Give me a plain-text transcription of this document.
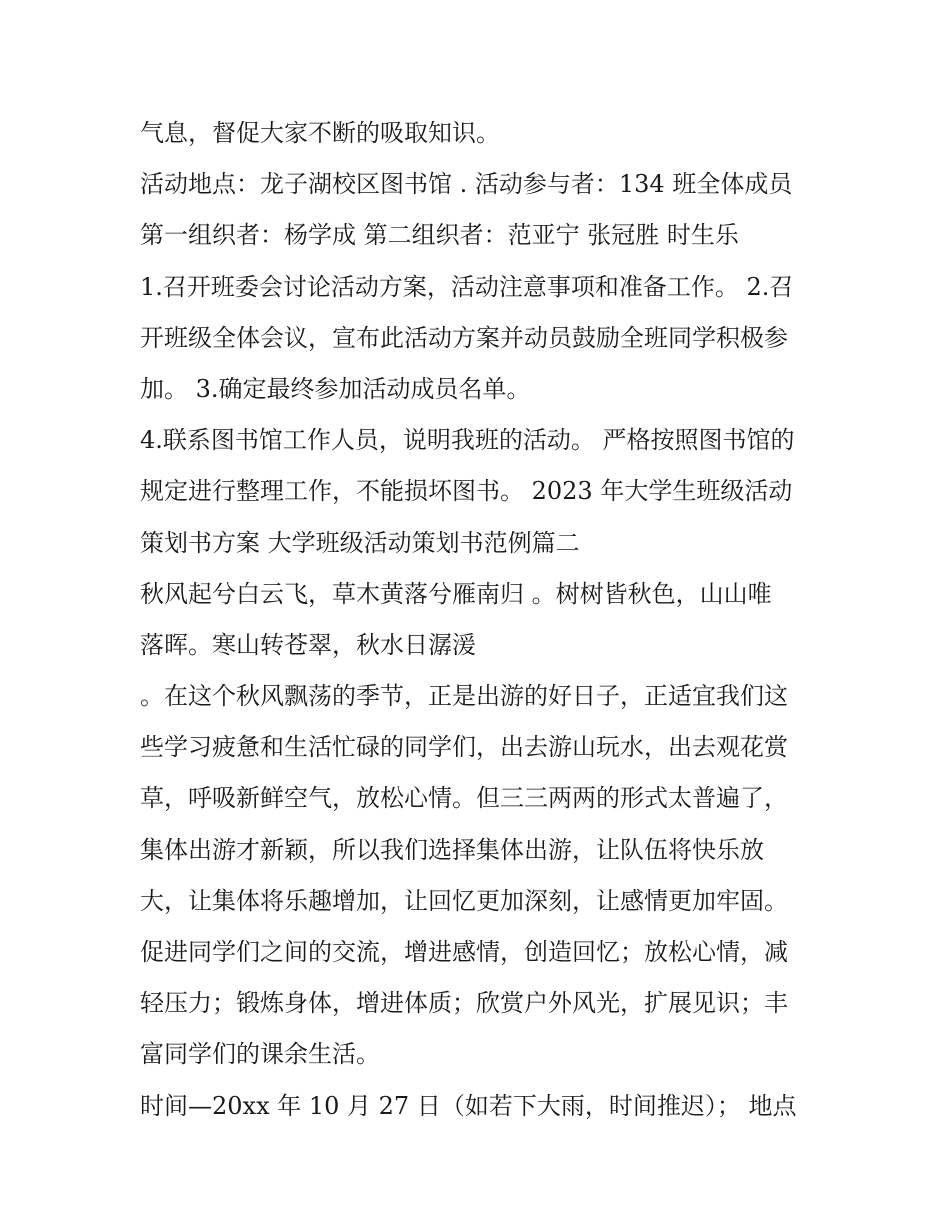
气息，督促大家不断的吸取知识。
活动地点：龙子湖校区图书馆 . 活动参与者：134 班全体成员
第一组织者：杨学成 第二组织者：范亚宁 张冠胜 时生乐
1.召开班委会讨论活动方案，活动注意事项和准备工作。 2.召
开班级全体会议，宣布此活动方案并动员鼓励全班同学积极参
加。 3.确定最终参加活动成员名单。
4.联系图书馆工作人员，说明我班的活动。 严格按照图书馆的
规定进行整理工作，不能损坏图书。 2023 年大学生班级活动
策划书方案 大学班级活动策划书范例篇二
秋风起兮白云飞，草木黄落兮雁南归 。树树皆秋色，山山唯
落晖。寒山转苍翠，秋水日潺湲
。在这个秋风飘荡的季节，正是出游的好日子，正适宜我们这
些学习疲惫和生活忙碌的同学们，出去游山玩水，出去观花赏
草，呼吸新鲜空气，放松心情。但三三两两的形式太普遍了，
集体出游才新颖，所以我们选择集体出游，让队伍将快乐放
大，让集体将乐趣增加，让回忆更加深刻，让感情更加牢固。
促进同学们之间的交流，增进感情，创造回忆；放松心情，减
轻压力；锻炼身体，增进体质；欣赏户外风光，扩展见识；丰
富同学们的课余生活。
时间—20xx 年 10 月 27 日（如若下大雨，时间推迟）； 地点
